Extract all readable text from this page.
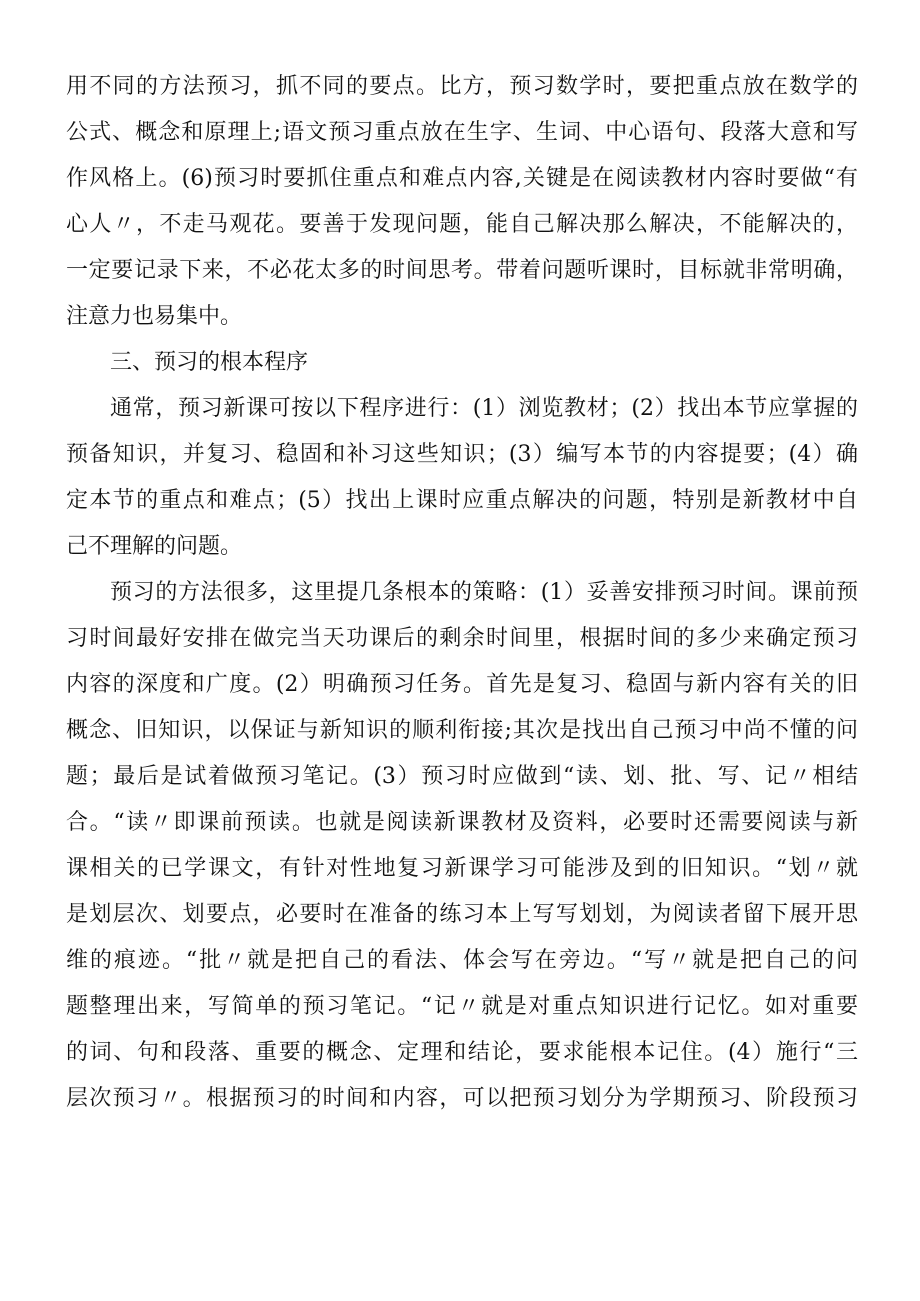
用不同的方法预习，抓不同的要点。比方，预习数学时，要把重点放在数学的
公式、概念和原理上;语文预习重点放在生字、生词、中心语句、段落大意和写
作风格上。(6)预习时要抓住重点和难点内容,关键是在阅读教材内容时要做“有
心人〃，不走马观花。要善于发现问题，能自己解决那么解决，不能解决的，
一定要记录下来，不必花太多的时间思考。带着问题听课时，目标就非常明确，
注意力也易集中。
三、预习的根本程序
通常，预习新课可按以下程序进行：(1）浏览教材；(2）找出本节应掌握的
预备知识，并复习、稳固和补习这些知识；(3）编写本节的内容提要；(4）确
定本节的重点和难点；(5）找出上课时应重点解决的问题，特别是新教材中自
己不理解的问题。
预习的方法很多，这里提几条根本的策略：(1）妥善安排预习时间。课前预
习时间最好安排在做完当天功课后的剩余时间里，根据时间的多少来确定预习
内容的深度和广度。(2）明确预习任务。首先是复习、稳固与新内容有关的旧
概念、旧知识，以保证与新知识的顺利衔接;其次是找出自己预习中尚不懂的问
题；最后是试着做预习笔记。(3）预习时应做到“读、划、批、写、记〃相结
合。“读〃即课前预读。也就是阅读新课教材及资料，必要时还需要阅读与新
课相关的已学课文，有针对性地复习新课学习可能涉及到的旧知识。“划〃就
是划层次、划要点，必要时在准备的练习本上写写划划，为阅读者留下展开思
维的痕迹。“批〃就是把自己的看法、体会写在旁边。“写〃就是把自己的问
题整理出来，写简单的预习笔记。“记〃就是对重点知识进行记忆。如对重要
的词、句和段落、重要的概念、定理和结论，要求能根本记住。(4）施行“三
层次预习〃。根据预习的时间和内容，可以把预习划分为学期预习、阶段预习
